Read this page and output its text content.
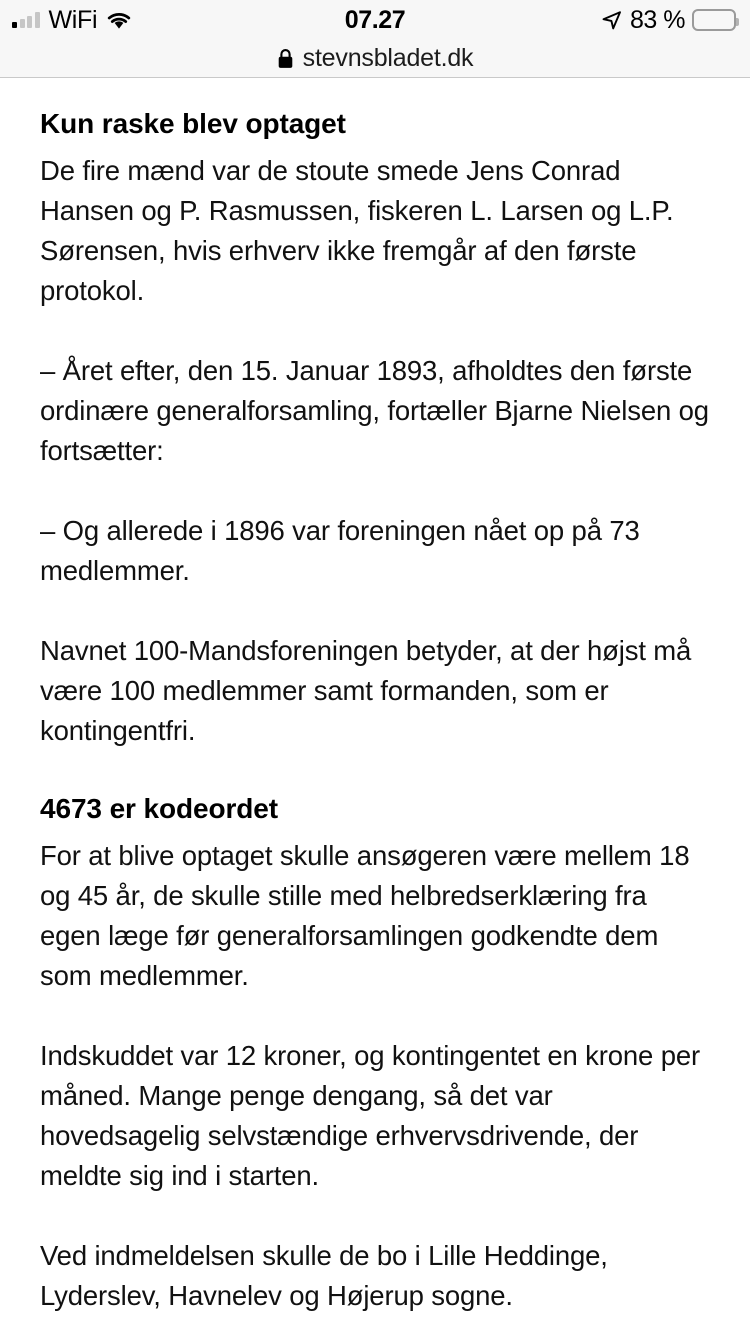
WiFi	07.27	83 %
stevnsbladet.dk
Kun raske blev optaget

De fire mænd var de stoute smede Jens Conrad Hansen og P. Rasmussen, fiskeren L. Larsen og L.P. Sørensen, hvis erhverv ikke fremgår af den første protokol.

– Året efter, den 15. Januar 1893, afholdtes den første ordinære generalforsamling, fortæller Bjarne Nielsen og fortsætter:

– Og allerede i 1896 var foreningen nået op på 73 medlemmer.

Navnet 100-Mandsforeningen betyder, at der højst må være 100 medlemmer samt formanden, som er kontingentfri.

4673 er kodeordet

For at blive optaget skulle ansøgeren være mellem 18 og 45 år, de skulle stille med helbredserklæring fra egen læge før generalforsamlingen godkendte dem som medlemmer.

Indskuddet var 12 kroner, og kontingentet en krone per måned. Mange penge dengang, så det var hovedsagelig selvstændige erhvervsdrivende, der meldte sig ind i starten.

Ved indmeldelsen skulle de bo i Lille Heddinge, Lyderslev, Havnelev og Højerup sogne.
